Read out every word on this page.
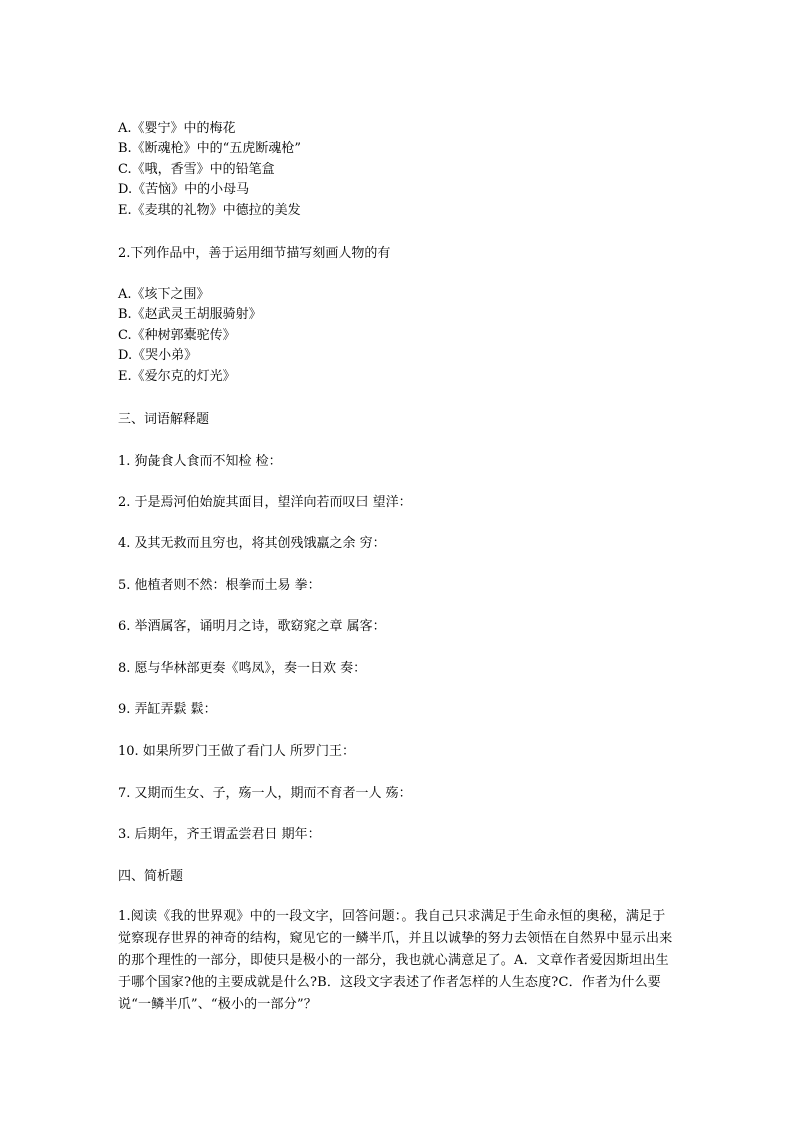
A.《婴宁》中的梅花
B.《断魂枪》中的“五虎断魂枪”
C.《哦，香雪》中的铅笔盒
D.《苦恼》中的小母马
E.《麦琪的礼物》中德拉的美发
2.下列作品中，善于运用细节描写刻画人物的有
A.《垓下之围》
B.《赵武灵王胡服骑射》
C.《种树郭橐驼传》
D.《哭小弟》
E.《爱尔克的灯光》
三、词语解释题
1. 狗彘食人食而不知检 检：
2. 于是焉河伯始旋其面目，望洋向若而叹曰 望洋：
4. 及其无救而且穷也，将其创残饿羸之余 穷：
5. 他植者则不然：根拳而土易 拳：
6. 举酒属客，诵明月之诗，歌窈窕之章 属客：
8. 愿与华林部更奏《鸣凤》，奏一日欢 奏：
9. 弄缸弄鬏 鬏：
10. 如果所罗门王做了看门人 所罗门王：
7. 又期而生女、子，殇一人，期而不育者一人 殇：
3. 后期年，齐王谓孟尝君日 期年：
四、简析题
1.阅读《我的世界观》中的一段文字，回答问题：。我自己只求满足于生命永恒的奥秘，满足于觉察现存世界的神奇的结构，窥见它的一鳞半爪，并且以诚挚的努力去领悟在自然界中显示出来的那个理性的一部分，即使只是极小的一部分，我也就心满意足了。A．文章作者爱因斯坦出生于哪个国家?他的主要成就是什么?B．这段文字表述了作者怎样的人生态度?C．作者为什么要说“一鳞半爪”、“极小的一部分”？
